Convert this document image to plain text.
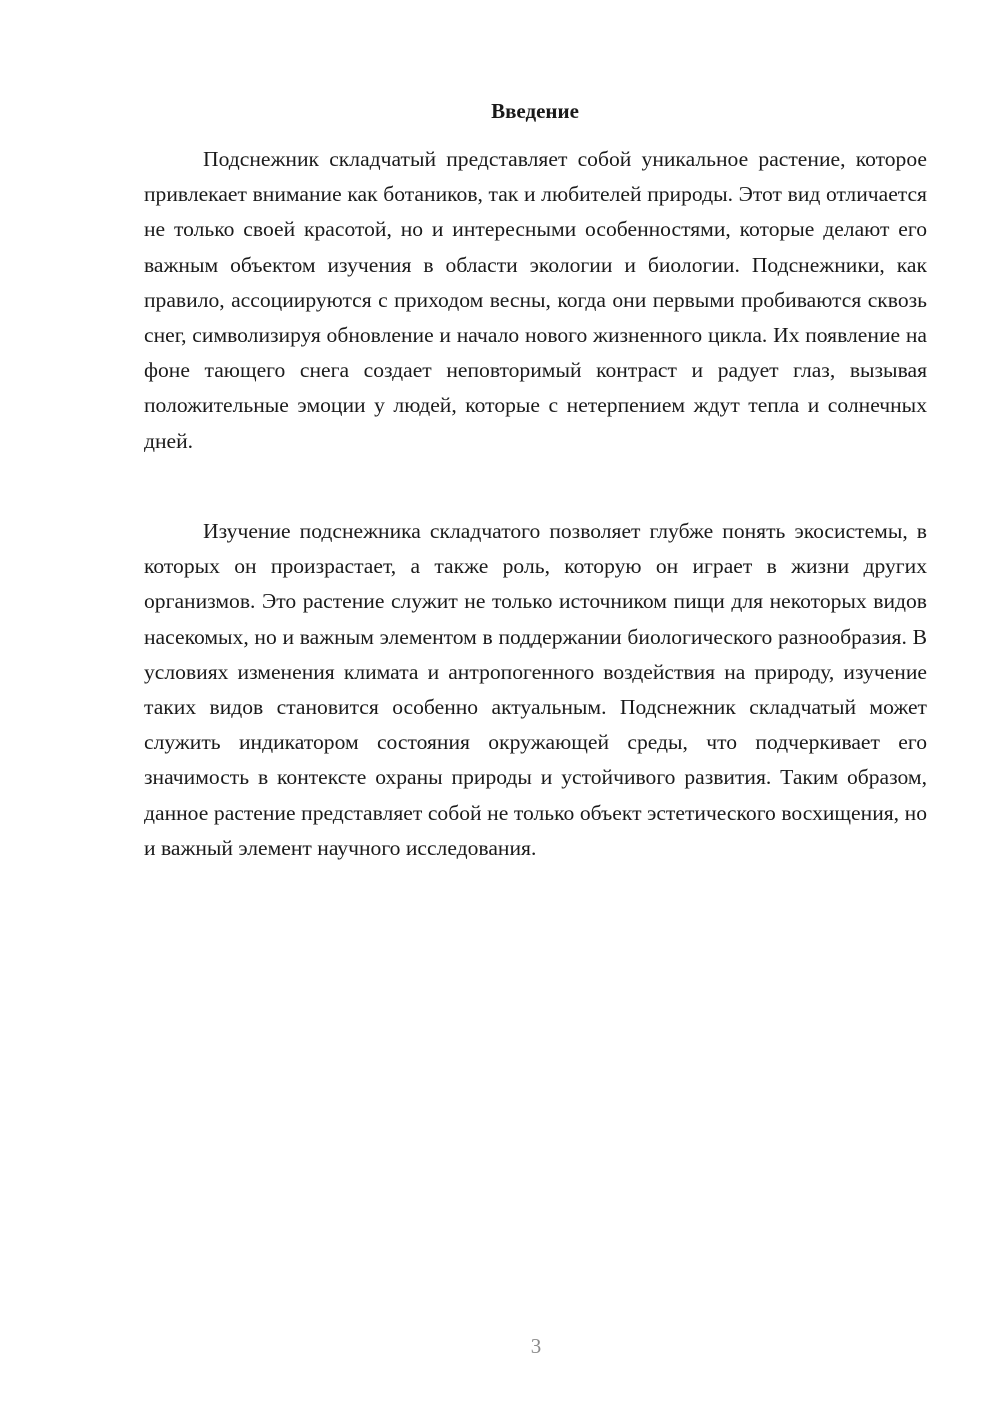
Введение

Подснежник складчатый представляет собой уникальное растение, которое привлекает внимание как ботаников, так и любителей природы. Этот вид отличается не только своей красотой, но и интересными особенностями, которые делают его важным объектом изучения в области экологии и биологии. Подснежники, как правило, ассоциируются с приходом весны, когда они первыми пробиваются сквозь снег, символизируя обновление и начало нового жизненного цикла. Их появление на фоне тающего снега создает неповторимый контраст и радует глаз, вызывая положительные эмоции у людей, которые с нетерпением ждут тепла и солнечных дней.

Изучение подснежника складчатого позволяет глубже понять экосистемы, в которых он произрастает, а также роль, которую он играет в жизни других организмов. Это растение служит не только источником пищи для некоторых видов насекомых, но и важным элементом в поддержании биологического разнообразия. В условиях изменения климата и антропогенного воздействия на природу, изучение таких видов становится особенно актуальным. Подснежник складчатый может служить индикатором состояния окружающей среды, что подчеркивает его значимость в контексте охраны природы и устойчивого развития. Таким образом, данное растение представляет собой не только объект эстетического восхищения, но и важный элемент научного исследования.

3
